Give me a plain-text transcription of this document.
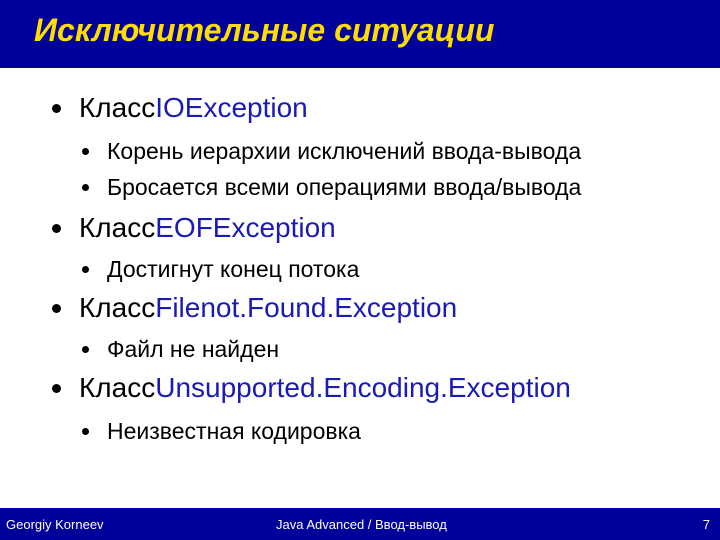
Исключительные ситуации
Класс IOException
Корень иерархии исключений ввода-вывода
Бросается всеми операциями ввода/вывода
Класс EOFException
Достигнут конец потока
Класс Filenot.Found.Exception
Файл не найден
Класс Unsupported.Encoding.Exception
Неизвестная кодировка
Georgiy Korneev	Java Advanced / Ввод-вывод	7
